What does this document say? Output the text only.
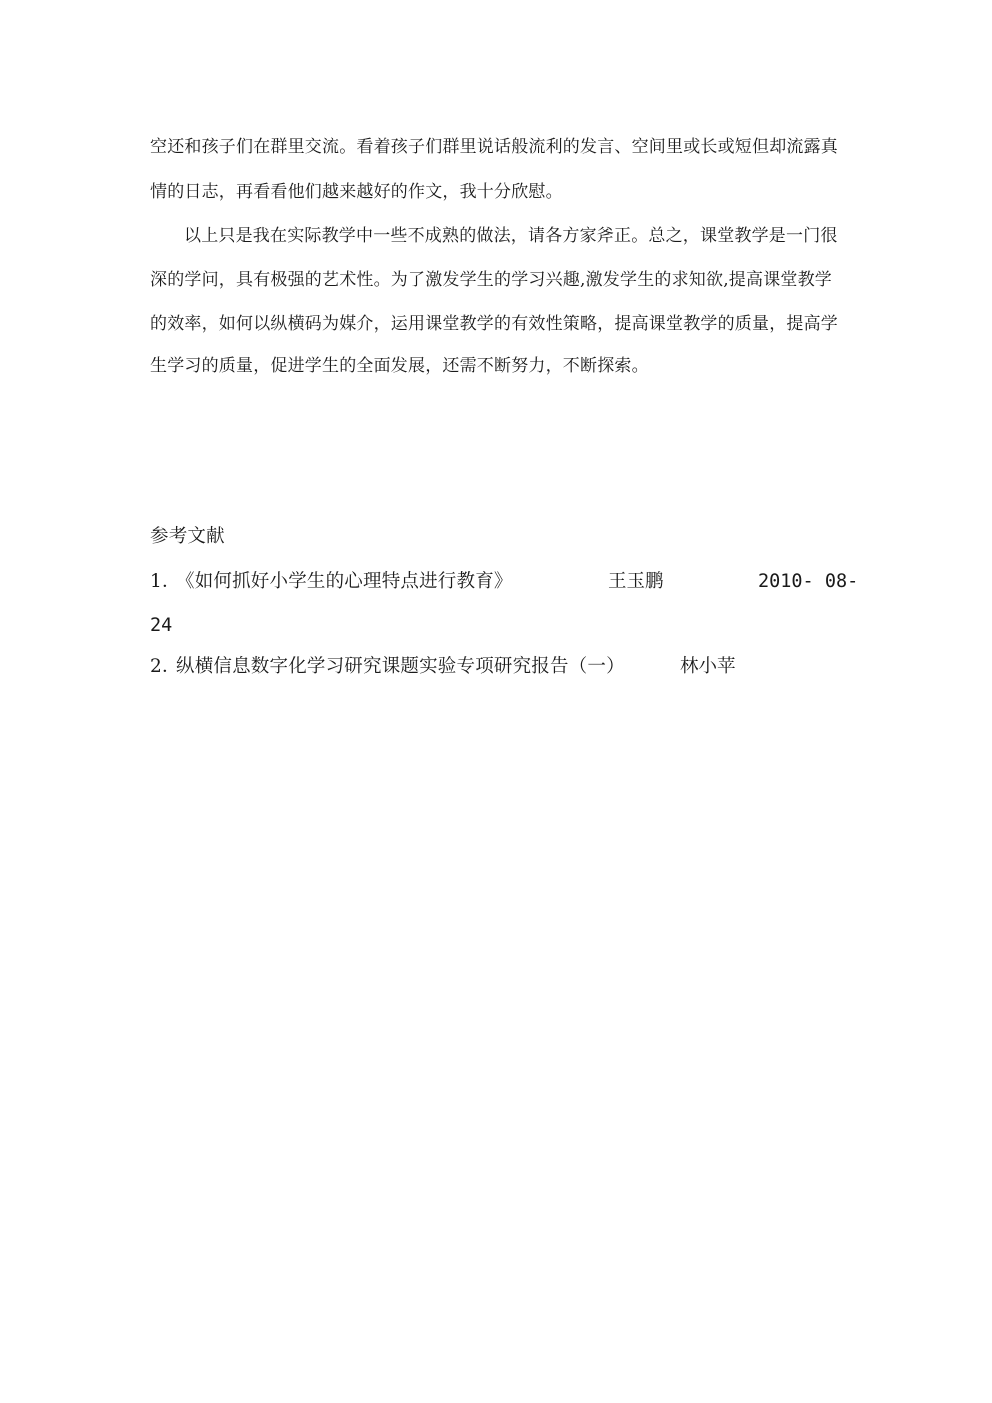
空还和孩子们在群里交流。看着孩子们群里说话般流利的发言、空间里或长或短但却流露真
情的日志，再看看他们越来越好的作文，我十分欣慰。
以上只是我在实际教学中一些不成熟的做法，请各方家斧正。总之，课堂教学是一门很
深的学问，具有极强的艺术性。为了激发学生的学习兴趣,激发学生的求知欲,提高课堂教学
的效率，如何以纵横码为媒介，运用课堂教学的有效性策略，提高课堂教学的质量，提高学
生学习的质量，促进学生的全面发展，还需不断努力，不断探索。
参考文献
1．
《如何抓好小学生的心理特点进行教育》	王玉鹏	2010- 08-
24
2．
纵横信息数字化学习研究课题实验专项研究报告（一）	林小苹
